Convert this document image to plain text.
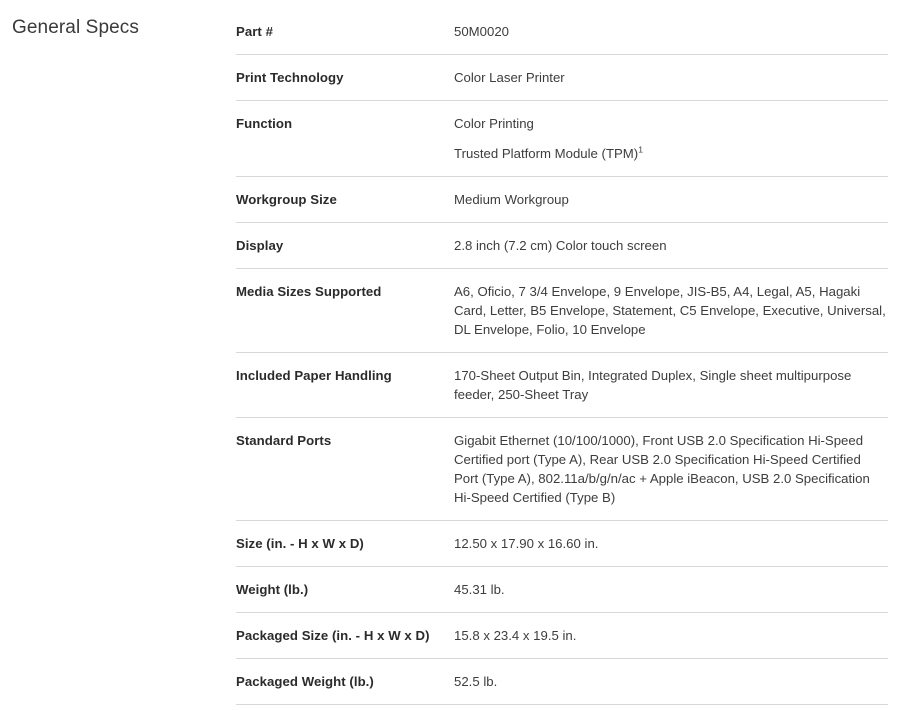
General Specs	Part #	50M0020

Print Technology	Color Laser Printer

Function	Color Printing
Trusted Platform Module (TPM)$^1$

Workgroup Size	Medium Workgroup

Display	2.8 inch (7.2 cm) Color touch screen

Media Sizes Supported	A6, Oficio, 7 3/4 Envelope, 9 Envelope, JIS-B5, A4, Legal, A5, Hagaki Card, Letter, B5 Envelope, Statement, C5 Envelope, Executive, Universal, DL Envelope, Folio, 10 Envelope

Included Paper Handling	170-Sheet Output Bin, Integrated Duplex, Single sheet multipurpose feeder, 250-Sheet Tray

Standard Ports	Gigabit Ethernet (10/100/1000), Front USB 2.0 Specification Hi-Speed Certified port (Type A), Rear USB 2.0 Specification Hi-Speed Certified Port (Type A), 802.11a/b/g/n/ac + Apple iBeacon, USB 2.0 Specification Hi-Speed Certified (Type B)

Size (in. - H x W x D)	12.50 x 17.90 x 16.60 in.

Weight (lb.)	45.31 lb.

Packaged Size (in. - H x W x D)	15.8 x 23.4 x 19.5 in.

Packaged Weight (lb.)	52.5 lb.
